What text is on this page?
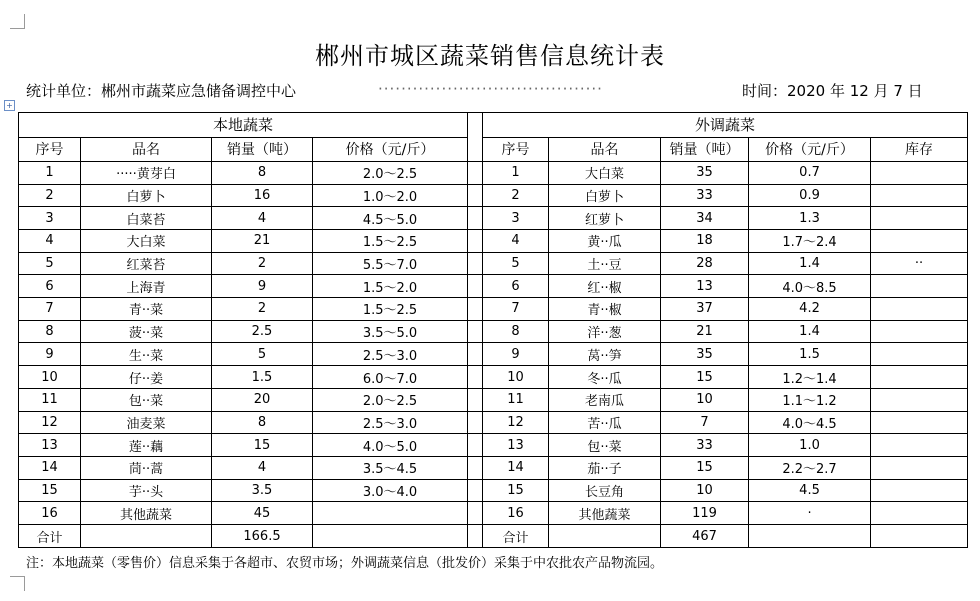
郴州市城区蔬菜销售信息统计表
统计单位：郴州市蔬菜应急储备调控中心	·······································	时间：2020 年 12 月 7 日
+
本地蔬菜					外调蔬菜				
序号	品名	销量（吨）	价格（元/斤）		序号	品名	销量（吨）	价格（元/斤）	库存
1	·····黄芽白	8	2.0～2.5		1	大白菜	35	0.7	
2	白萝卜	16	1.0～2.0		2	白萝卜	33	0.9	
3	白菜苔	4	4.5～5.0		3	红萝卜	34	1.3	
4	大白菜	21	1.5～2.5		4	黄··瓜	18	1.7～2.4	
5	红菜苔	2	5.5～7.0		5	土··豆	28	1.4	··
6	上海青	9	1.5～2.0		6	红··椒	13	4.0～8.5	
7	青··菜	2	1.5～2.5		7	青··椒	37	4.2	
8	菠··菜	2.5	3.5～5.0		8	洋··葱	21	1.4	
9	生··菜	5	2.5～3.0		9	莴··笋	35	1.5	
10	仔··姜	1.5	6.0～7.0		10	冬··瓜	15	1.2～1.4	
11	包··菜	20	2.0～2.5		11	老南瓜	10	1.1～1.2	
12	油麦菜	8	2.5～3.0		12	苦··瓜	7	4.0～4.5	
13	莲··藕	15	4.0～5.0		13	包··菜	33	1.0	
14	茼··蒿	4	3.5～4.5		14	茄··子	15	2.2～2.7	
15	芋··头	3.5	3.0～4.0		15	长豆角	10	4.5	
16	其他蔬菜	45			16	其他蔬菜	119	·	
合计		166.5			合计		467		
注：本地蔬菜（零售价）信息采集于各超市、农贸市场；外调蔬菜信息（批发价）采集于中农批农产品物流园。
